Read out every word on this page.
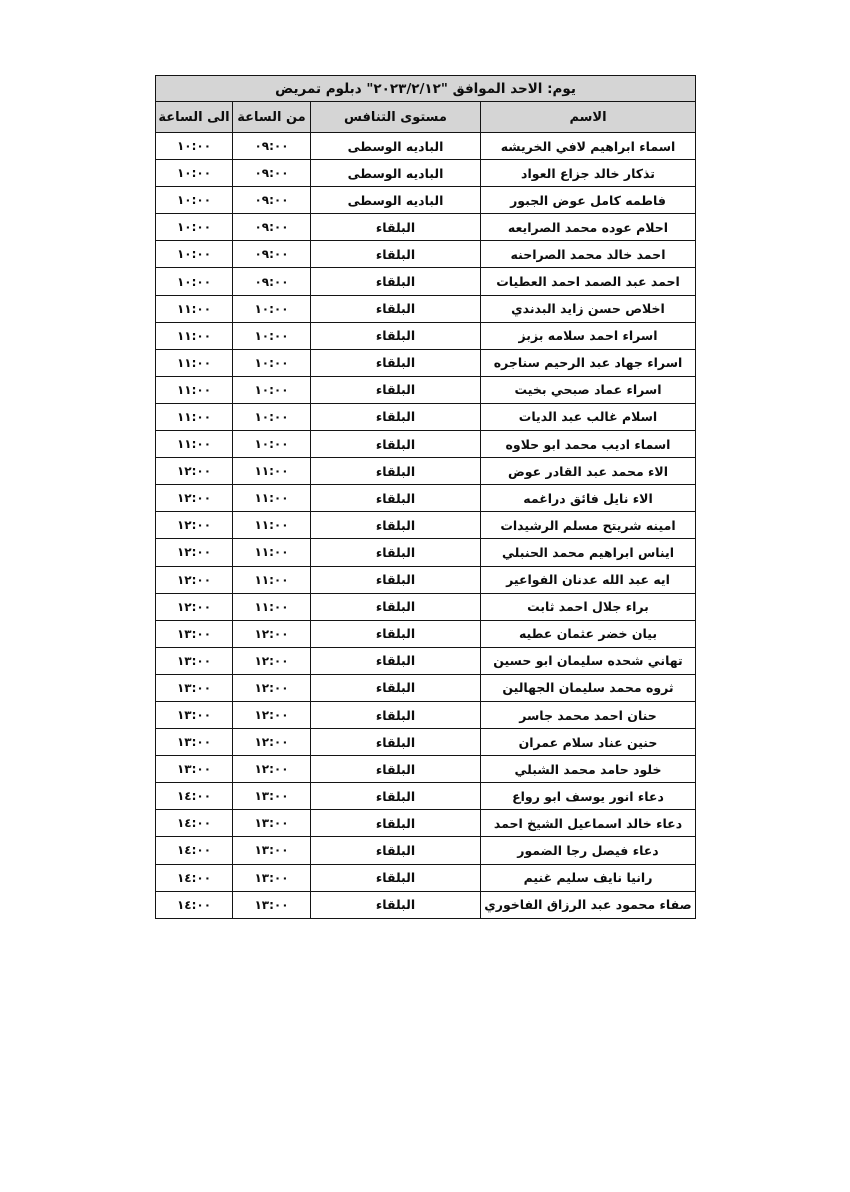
يوم: الاحد الموافق "٢٠٢٣/٢/١٢" دبلوم تمريض			
الاسم	مستوى التنافس	من الساعة	الى الساعة
اسماء ابراهيم لافي الخريشه	الباديه الوسطى	٠٩:٠٠	١٠:٠٠
تذكار خالد جزاع العواد	الباديه الوسطى	٠٩:٠٠	١٠:٠٠
فاطمه كامل عوض الجبور	الباديه الوسطى	٠٩:٠٠	١٠:٠٠
احلام عوده محمد الصرايعه	البلقاء	٠٩:٠٠	١٠:٠٠
احمد خالد محمد الصراحنه	البلقاء	٠٩:٠٠	١٠:٠٠
احمد عبد الصمد احمد العطيات	البلقاء	٠٩:٠٠	١٠:٠٠
اخلاص حسن زايد البدندي	البلقاء	١٠:٠٠	١١:٠٠
اسراء احمد سلامه بزبز	البلقاء	١٠:٠٠	١١:٠٠
اسراء جهاد عبد الرحيم سناجره	البلقاء	١٠:٠٠	١١:٠٠
اسراء عماد صبحي بخيت	البلقاء	١٠:٠٠	١١:٠٠
اسلام غالب عبد الديات	البلقاء	١٠:٠٠	١١:٠٠
اسماء اديب محمد ابو حلاوه	البلقاء	١٠:٠٠	١١:٠٠
الاء محمد عبد القادر عوض	البلقاء	١١:٠٠	١٢:٠٠
الاء نايل فائق دراغمه	البلقاء	١١:٠٠	١٢:٠٠
امينه شريتح مسلم الرشيدات	البلقاء	١١:٠٠	١٢:٠٠
ايناس ابراهيم محمد الحنبلي	البلقاء	١١:٠٠	١٢:٠٠
ايه عبد الله عدنان الفواعير	البلقاء	١١:٠٠	١٢:٠٠
براء جلال احمد ثابت	البلقاء	١١:٠٠	١٢:٠٠
بيان خضر عثمان عطيه	البلقاء	١٢:٠٠	١٣:٠٠
تهاني شحده سليمان ابو حسين	البلقاء	١٢:٠٠	١٣:٠٠
ثروه محمد سليمان الجهالين	البلقاء	١٢:٠٠	١٣:٠٠
حنان احمد محمد جاسر	البلقاء	١٢:٠٠	١٣:٠٠
حنين عناد سلام عمران	البلقاء	١٢:٠٠	١٣:٠٠
خلود حامد محمد الشبلي	البلقاء	١٢:٠٠	١٣:٠٠
دعاء انور يوسف ابو رواع	البلقاء	١٣:٠٠	١٤:٠٠
دعاء خالد اسماعيل الشيخ احمد	البلقاء	١٣:٠٠	١٤:٠٠
دعاء فيصل رجا الضمور	البلقاء	١٣:٠٠	١٤:٠٠
رانيا نايف سليم غنيم	البلقاء	١٣:٠٠	١٤:٠٠
صفاء محمود عبد الرزاق الفاخوري	البلقاء	١٣:٠٠	١٤:٠٠
